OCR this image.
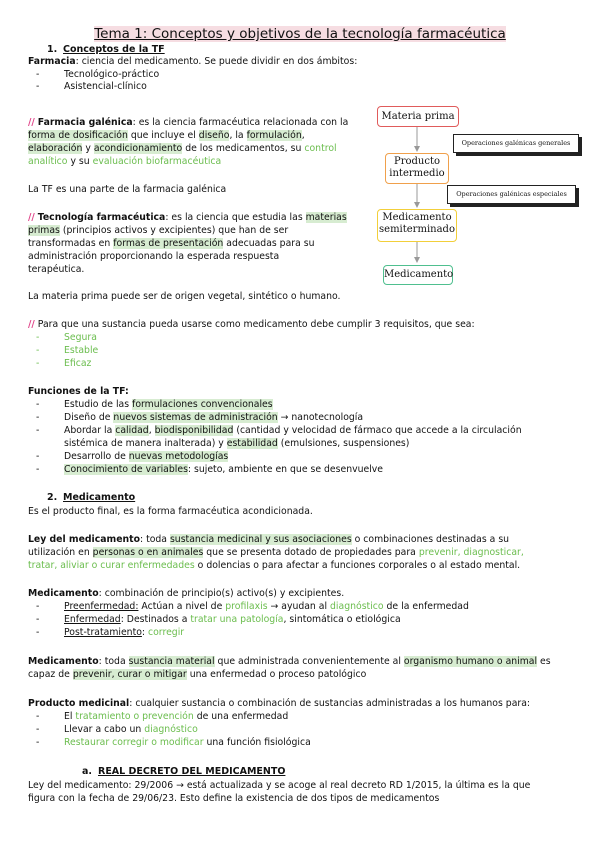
Tema 1: Conceptos y objetivos de la tecnología farmacéutica
1. Conceptos de la TF
Farmacia: ciencia del medicamento. Se puede dividir en dos ámbitos:
-	Tecnológico-práctico
-	Asistencial-clínico
// Farmacia galénica: es la ciencia farmacéutica relacionada con la
forma de dosificación que incluye el diseño, la formulación,
elaboración y acondicionamiento de los medicamentos, su control
analítico y su evaluación biofarmacéutica
La TF es una parte de la farmacia galénica
// Tecnología farmacéutica: es la ciencia que estudia las materias
primas (principios activos y excipientes) que han de ser
transformadas en formas de presentación adecuadas para su
administración proporcionando la esperada respuesta
terapéutica.
La materia prima puede ser de origen vegetal, sintético o humano.
// Para que una sustancia pueda usarse como medicamento debe cumplir 3 requisitos, que sea:
-	Segura
-	Estable
-	Eficaz
Funciones de la TF:
-	Estudio de las formulaciones convencionales
-	Diseño de nuevos sistemas de administración → nanotecnología
-	Abordar la calidad, biodisponibilidad (cantidad y velocidad de fármaco que accede a la circulación
sistémica de manera inalterada) y estabilidad (emulsiones, suspensiones)
-	Desarrollo de nuevas metodologías
-	Conocimiento de variables: sujeto, ambiente en que se desenvuelve
2. Medicamento
Es el producto final, es la forma farmacéutica acondicionada.
Ley del medicamento: toda sustancia medicinal y sus asociaciones o combinaciones destinadas a su
utilización en personas o en animales que se presenta dotado de propiedades para prevenir, diagnosticar,
tratar, aliviar o curar enfermedades o dolencias o para afectar a funciones corporales o al estado mental.
Medicamento: combinación de principio(s) activo(s) y excipientes.
-	Preenfermedad: Actúan a nivel de profilaxis → ayudan al diagnóstico de la enfermedad
-	Enfermedad: Destinados a tratar una patología, sintomática o etiológica
-	Post-tratamiento: corregir
Medicamento: toda sustancia material que administrada convenientemente al organismo humano o animal es
capaz de prevenir, curar o mitigar una enfermedad o proceso patológico
Producto medicinal: cualquier sustancia o combinación de sustancias administradas a los humanos para:
-	El tratamiento o prevención de una enfermedad
-	Llevar a cabo un diagnóstico
-	Restaurar corregir o modificar una función fisiológica
a. REAL DECRETO DEL MEDICAMENTO
Ley del medicamento: 29/2006 → está actualizada y se acoge al real decreto RD 1/2015, la última es la que
figura con la fecha de 29/06/23. Esto define la existencia de dos tipos de medicamentos
Materia prima
Operaciones galénicas generales
Producto
intermedio
Operaciones galénicas especiales
Medicamento
semiterminado
Medicamento
